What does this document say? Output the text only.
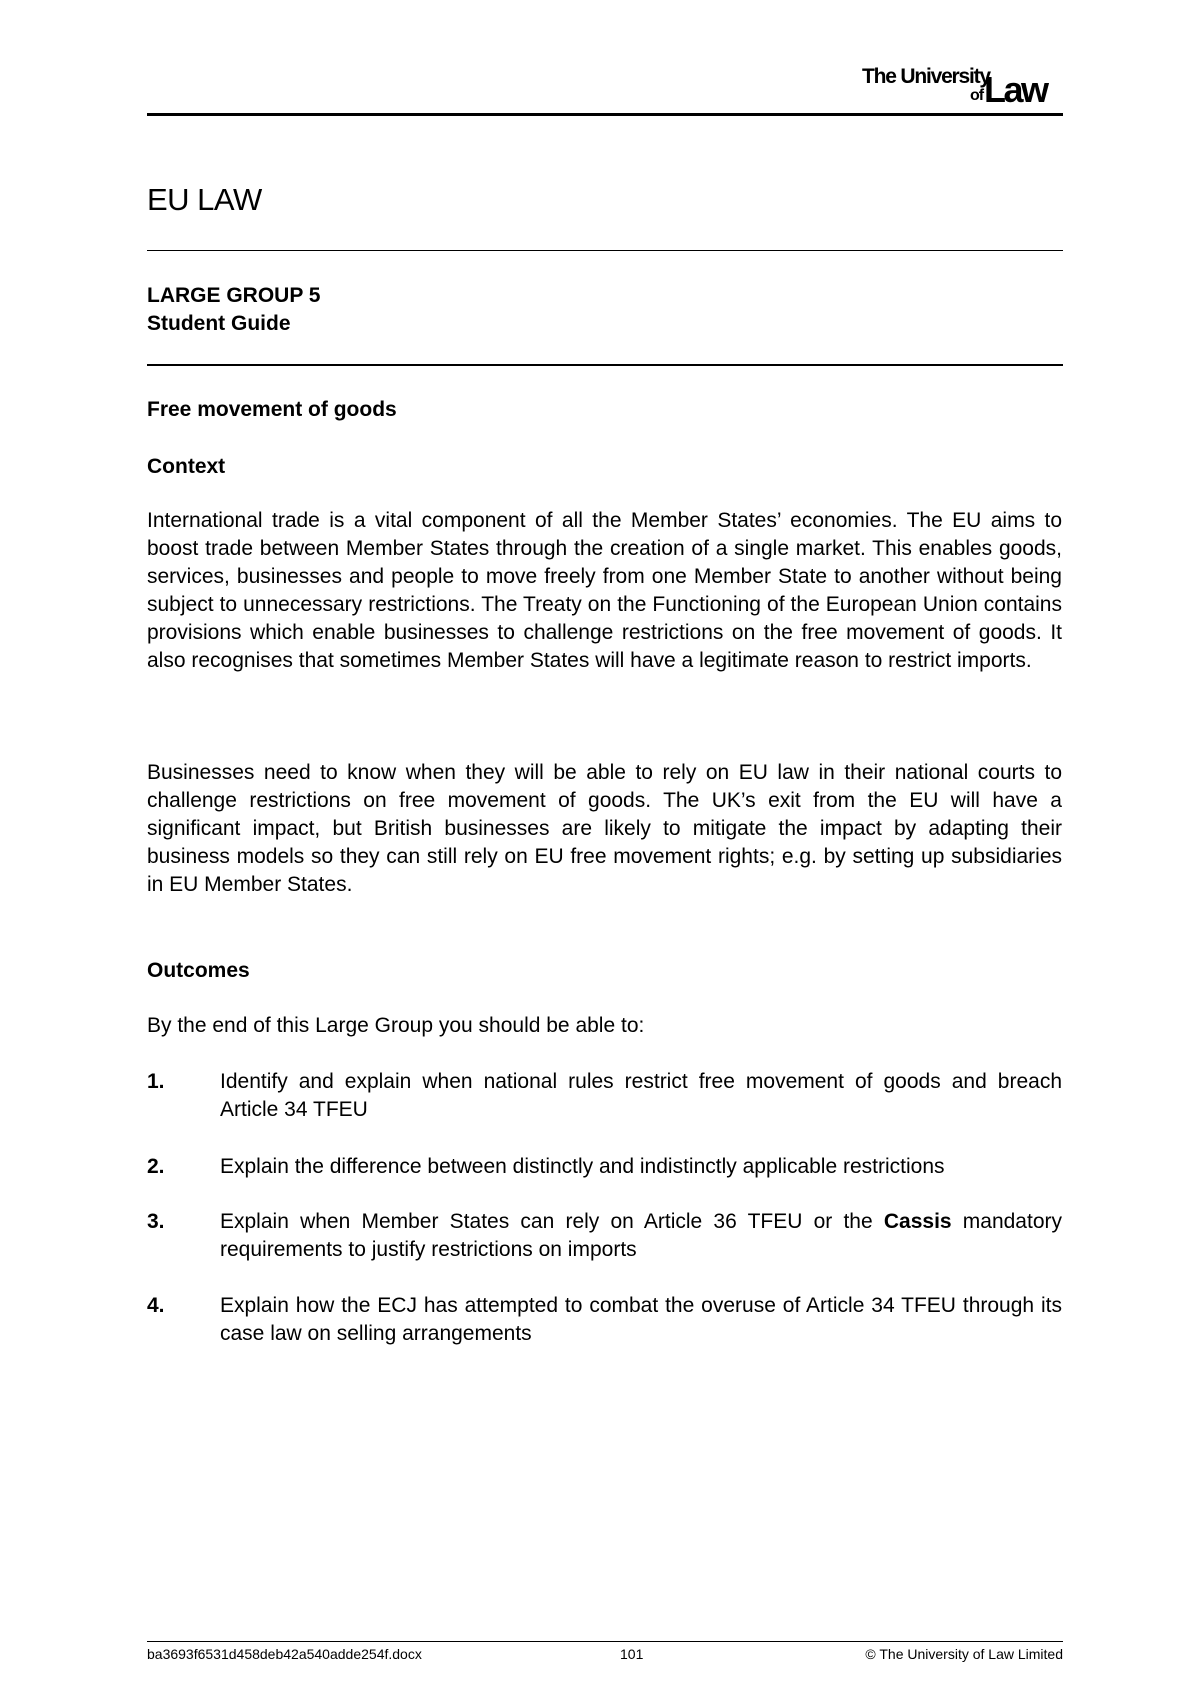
The University
of Law
EU LAW
LARGE GROUP 5
Student Guide
Free movement of goods
Context
International trade is a vital component of all the Member States’ economies. The EU aims to boost trade between Member States through the creation of a single market. This enables goods, services, businesses and people to move freely from one Member State to another without being subject to unnecessary restrictions. The Treaty on the Functioning of the European Union contains provisions which enable businesses to challenge restrictions on the free movement of goods. It also recognises that sometimes Member States will have a legitimate reason to restrict imports.
Businesses need to know when they will be able to rely on EU law in their national courts to challenge restrictions on free movement of goods. The UK’s exit from the EU will have a significant impact, but British businesses are likely to mitigate the impact by adapting their business models so they can still rely on EU free movement rights; e.g. by setting up subsidiaries in EU Member States.
Outcomes
By the end of this Large Group you should be able to:
1.	Identify and explain when national rules restrict free movement of goods and breach Article 34 TFEU
2.	Explain the difference between distinctly and indistinctly applicable restrictions
3.	Explain when Member States can rely on Article 36 TFEU or the Cassis mandatory requirements to justify restrictions on imports
4.	Explain how the ECJ has attempted to combat the overuse of Article 34 TFEU through its case law on selling arrangements
ba3693f6531d458deb42a540adde254f.docx	101	© The University of Law Limited
